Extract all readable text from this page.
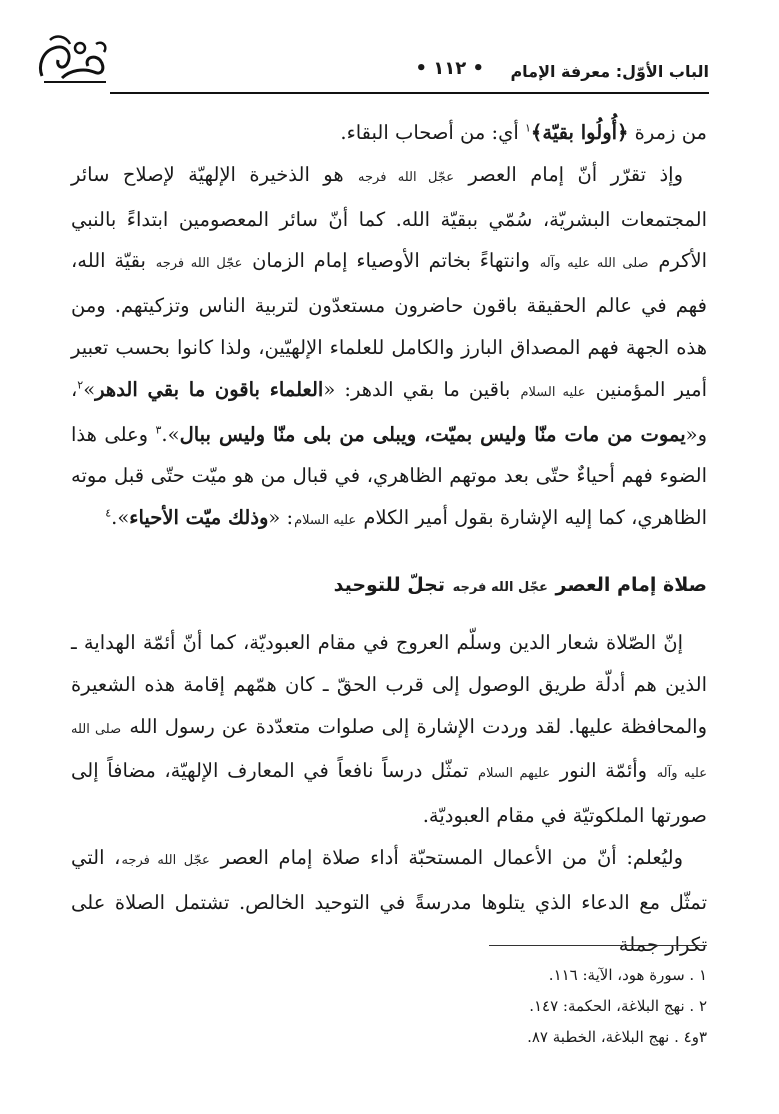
الباب الأوّل: معرفة الإمام
• ١١٢ •

من زمرة ﴿أُولُوا بقيّة﴾$^١$ أي: من أصحاب البقاء.

وإذ تقرّر أنّ إمام العصر عجّل الله فرجه هو الذخيرة الإلهيّة لإصلاح سائر المجتمعات البشريّة، سُمّي ببقيّة الله. كما أنّ سائر المعصومين ابتداءً بالنبي الأكرم صلى الله عليه وآله وانتهاءً بخاتم الأوصياء إمام الزمان عجّل الله فرجه بقيّة الله، فهم في عالم الحقيقة باقون حاضرون مستعدّون لتربية الناس وتزكيتهم. ومن هذه الجهة فهم المصداق البارز والكامل للعلماء الإلهيّين، ولذا كانوا بحسب تعبير أمير المؤمنين عليه السلام باقين ما بقي الدهر: «العلماء باقون ما بقي الدهر»$^٢$، و«يموت من مات منّا وليس بميّت، ويبلى من بلى منّا وليس ببال».$^٣$ وعلى هذا الضوء فهم أحياءٌ حتّى بعد موتهم الظاهري، في قبال من هو ميّت حتّى قبل موته الظاهري، كما إليه الإشارة بقول أمير الكلام عليه السلام: «وذلك ميّت الأحياء».$^٤$

صلاة إمام العصر عجّل الله فرجه تجلّ للتوحيد

إنّ الصّلاة شعار الدين وسلّم العروج في مقام العبوديّة، كما أنّ أئمّة الهداية ـ الذين هم أدلّة طريق الوصول إلى قرب الحقّ ـ كان همّهم إقامة هذه الشعيرة والمحافظة عليها. لقد وردت الإشارة إلى صلوات متعدّدة عن رسول الله صلى الله عليه وآله وأئمّة النور عليهم السلام تمثّل درساً نافعاً في المعارف الإلهيّة، مضافاً إلى صورتها الملكوتيّة في مقام العبوديّة.

وليُعلم: أنّ من الأعمال المستحبّة أداء صلاة إمام العصر عجّل الله فرجه، التي تمثّل مع الدعاء الذي يتلوها مدرسةً في التوحيد الخالص. تشتمل الصلاة على تكرار جملة

١ . سورة هود، الآية: ١١٦.
٢ . نهج البلاغة، الحكمة: ١٤٧.
٣و٤ . نهج البلاغة، الخطبة ٨٧.
